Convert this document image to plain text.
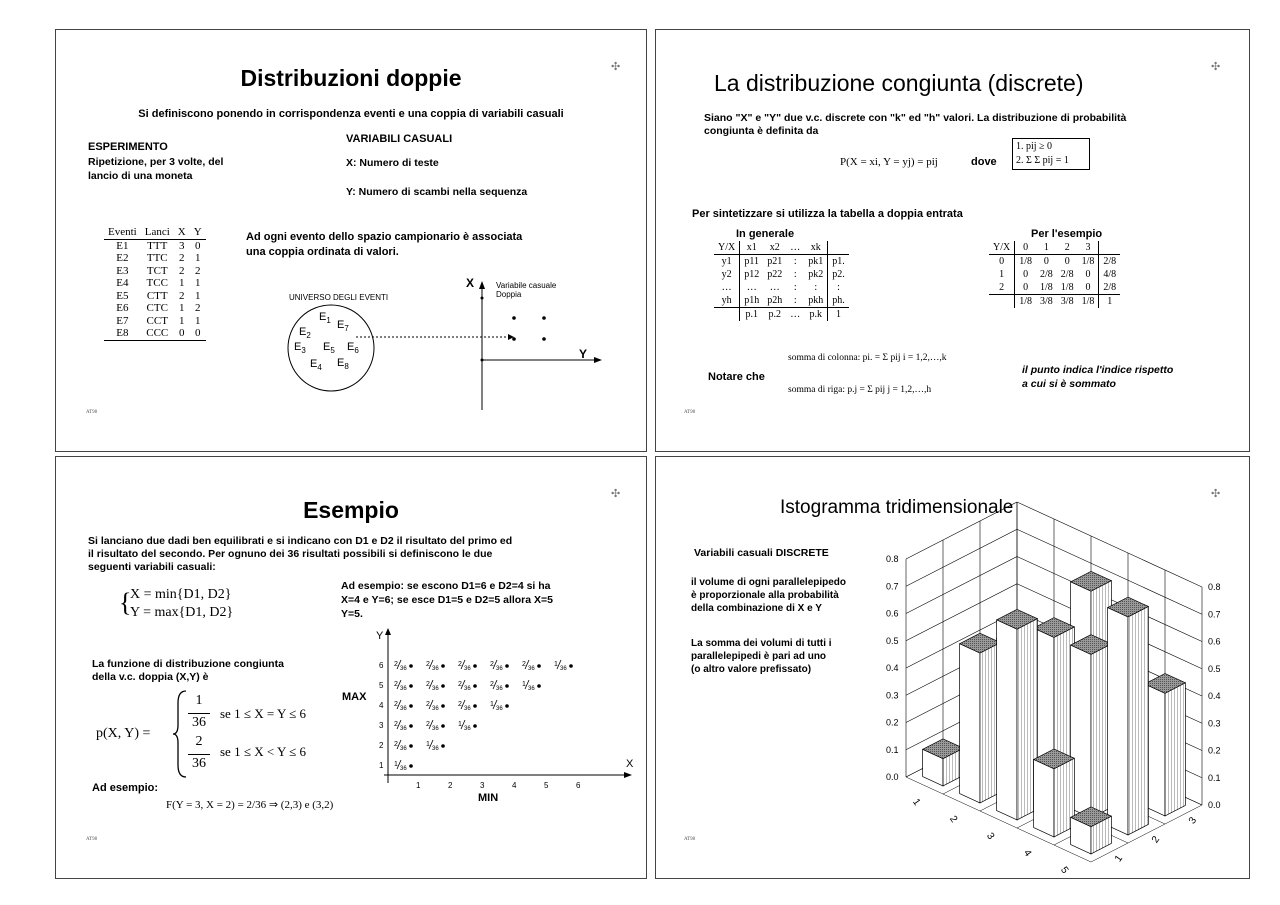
✣
Distribuzioni doppie
Si definiscono ponendo in corrispondenza eventi e una coppia di variabili casuali
ESPERIMENTO
Ripetizione, per 3 volte, del
lancio di una moneta
VARIABILI CASUALI
X: Numero di teste
Y: Numero di scambi nella sequenza
Eventi	Lanci	X	Y
E1	TTT	3	0
E2	TTC	2	1
E3	TCT	2	2
E4	TCC	1	1
E5	CTT	2	1
E6	CTC	1	2
E7	CCT	1	1
E8	CCC	0	0
Ad ogni evento dello spazio campionario è associata
una coppia ordinata di valori.
UNIVERSO DEGLI EVENTI
$E_1$
$E_2$
$E_7$
$E_3$ $E_5$ $E_6$
$E_4$ $E_8$
X
Y
Variabile casuale
Doppia
AT98
✣
La distribuzione congiunta (discrete)
Siano "X" e "Y" due v.c. discrete con "k" ed "h" valori. La distribuzione di probabilità
congiunta è definita da
P(X = xi, Y = yj) = pij	dove
1. pij ≥ 0
2. Σ Σ pij = 1
Per sintetizzare si utilizza la tabella a doppia entrata
In generale	Per l'esempio
Y/X	x1	x2	…	xk	
y1	p11	p21	:	pk1	p1.
y2	p12	p22	:	pk2	p2.
…	…	…	:	:	:
yh	p1h	p2h	:	pkh	ph.
	p.1	p.2	…	p.k	1
Y/X	0	1	2	3	
0	1/8	0	0	1/8	2/8
1	0	2/8	2/8	0	4/8
2	0	1/8	1/8	0	2/8
	1/8	3/8	3/8	1/8	1
somma di colonna: pi. = Σ pij i = 1,2,…,k
Notare che
somma di riga: p.j = Σ pij j = 1,2,…,h
il punto indica l'indice rispetto
a cui si è sommato
AT98
✣
Esempio
Si lanciano due dadi ben equilibrati e si indicano con D1 e D2 il risultato del primo ed
il risultato del secondo. Per ognuno dei 36 risultati possibili si definiscono le due
seguenti variabili casuali:
{
X = min{D1, D2}
Y = max{D1, D2}
Ad esempio: se escono D1=6 e D2=4 si ha
X=4 e Y=6; se esce D1=5 e D2=5 allora X=5
Y=5.
La funzione di distribuzione congiunta
della v.c. doppia (X,Y) è
p(X, Y) =
1
36
se 1 ≤ X = Y ≤ 6
2
36
se 1 ≤ X < Y ≤ 6
Ad esempio:
F(Y = 3, X = 2) = 2/36 ⇒ (2,3) e (3,2)
Y
X
MAX
MIN
1	2	3	4	5	6
1
2
3
4
5
6
1
36
2
36
1
36
2
36
2
36
1
36
2
36
2
36
2
36
1
36
2
36
2
36
2
36
2
36
1
36
2
36
2
36
2
36
2
36
2
36
1
36
AT98
✣
Istogramma tridimensionale
Variabili casuali DISCRETE
il volume di ogni parallelepipedo
è proporzionale alla probabilità
della combinazione di X e Y
La somma dei volumi di tutti i
parallelepipedi è pari ad uno
(o altro valore prefissato)
0.0
0.0
0.1
0.1
0.2
0.2
0.3
0.3
0.4
0.4
0.5
0.5
0.6
0.6
0.7
0.7
0.8
0.8
1
2
3
4
5
1
2
3
AT98
